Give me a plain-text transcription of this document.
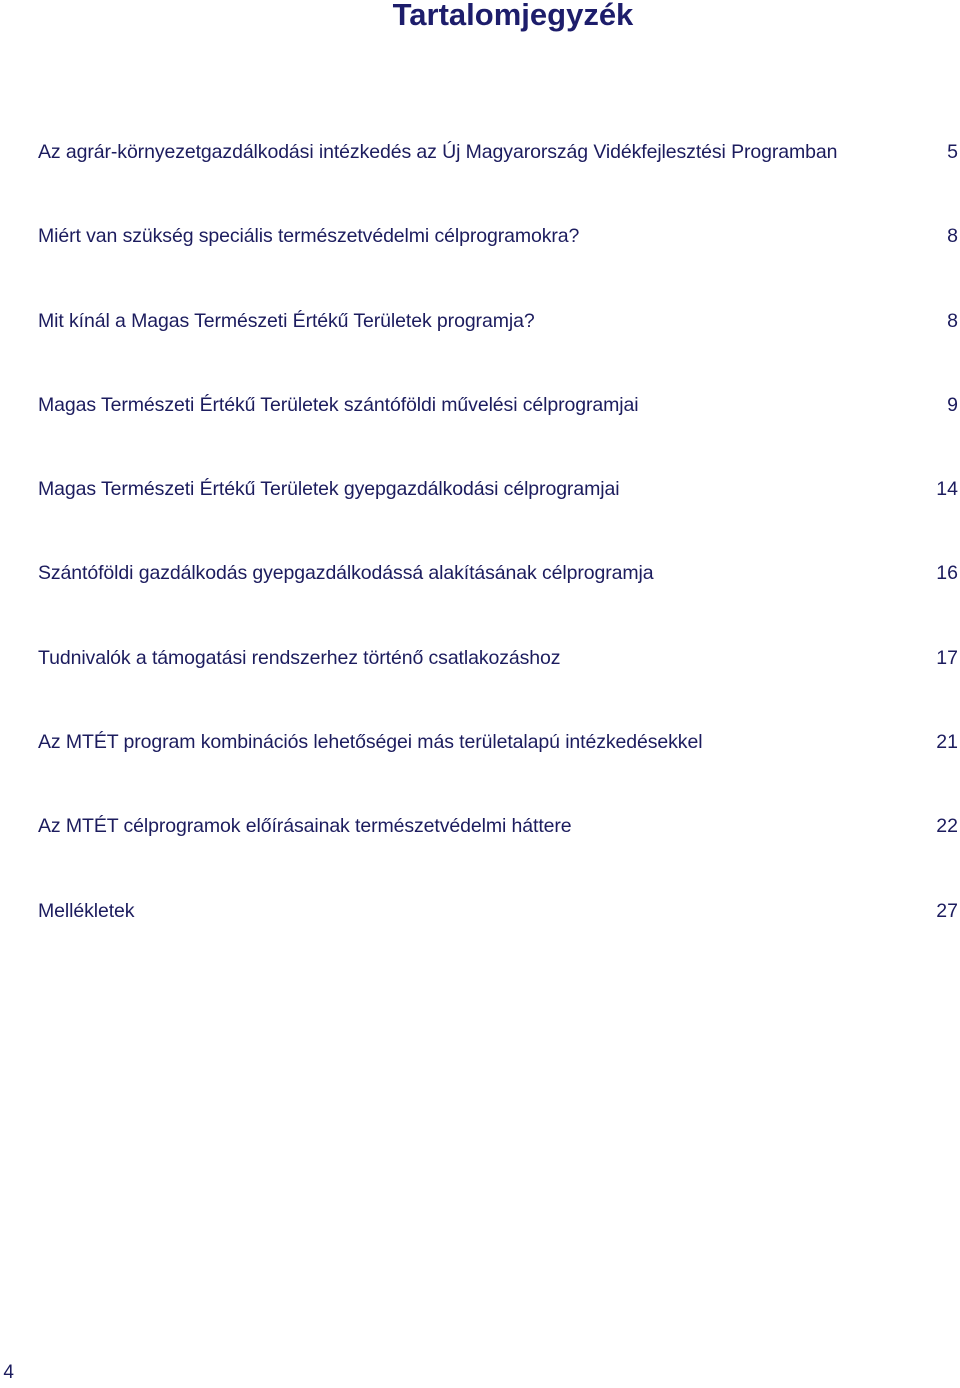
Tartalomjegyzék
Az agrár-környezetgazdálkodási intézkedés az Új Magyarország Vidékfejlesztési Programban	5
Miért van szükség speciális természetvédelmi célprogramokra?	8
Mit kínál a Magas Természeti Értékű Területek programja?	8
Magas Természeti Értékű Területek szántóföldi művelési célprogramjai	9
Magas Természeti Értékű Területek gyepgazdálkodási célprogramjai	14
Szántóföldi gazdálkodás gyepgazdálkodássá alakításának célprogramja	16
Tudnivalók a támogatási rendszerhez történő csatlakozáshoz	17
Az MTÉT program kombinációs lehetőségei más területalapú intézkedésekkel	21
Az MTÉT célprogramok előírásainak természetvédelmi háttere	22
Mellékletek	27
4
